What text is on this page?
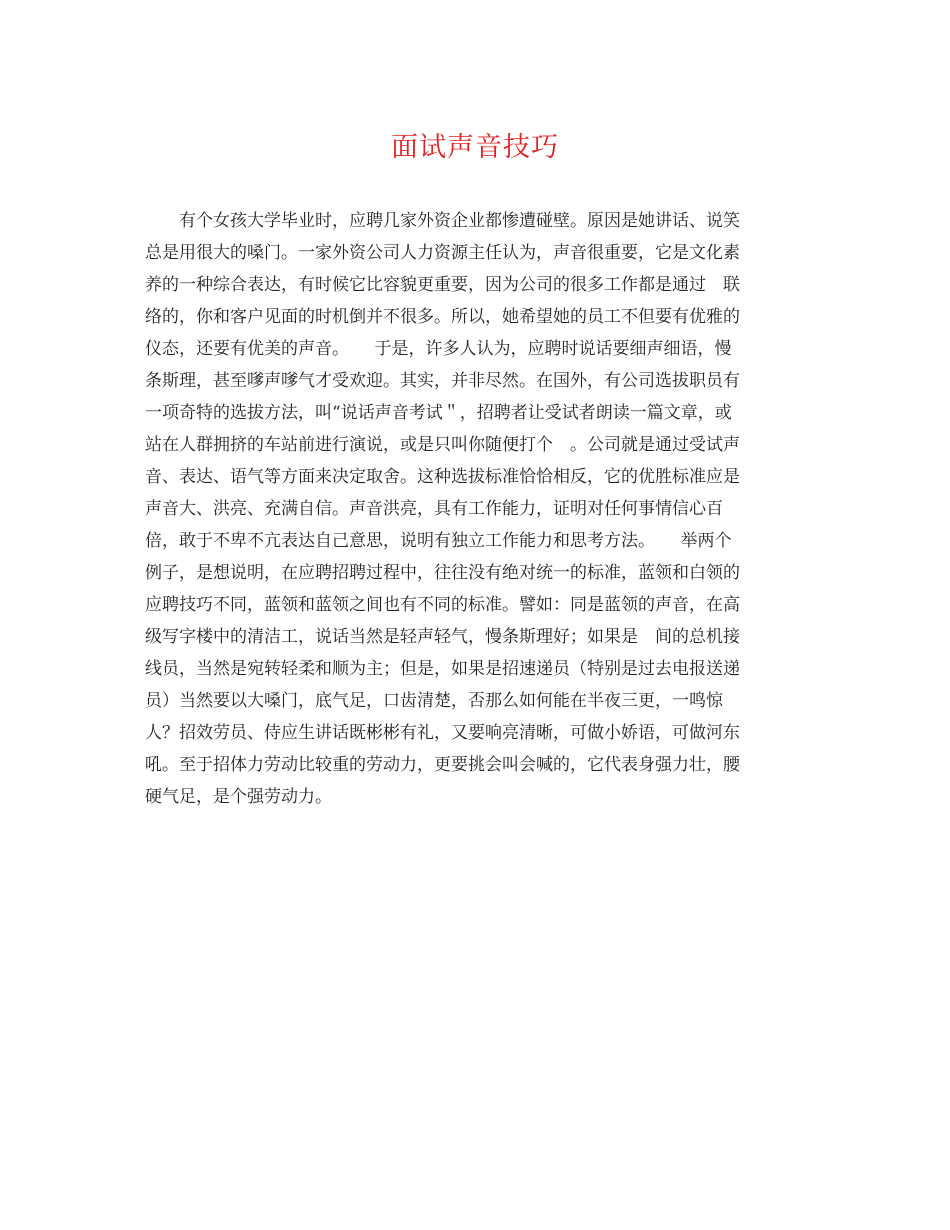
面试声音技巧
　　有个女孩大学毕业时，应聘几家外资企业都惨遭碰壁。原因是她讲话、说笑
总是用很大的嗓门。一家外资公司人力资源主任认为，声音很重要，它是文化素
养的一种综合表达，有时候它比容貌更重要，因为公司的很多工作都是通过　联
络的，你和客户见面的时机倒并不很多。所以，她希望她的员工不但要有优雅的
仪态，还要有优美的声音。　　于是，许多人认为，应聘时说话要细声细语，慢
条斯理，甚至嗲声嗲气才受欢迎。其实，并非尽然。在国外，有公司选拔职员有
一项奇特的选拔方法，叫“说话声音考试＂，招聘者让受试者朗读一篇文章，或
站在人群拥挤的车站前进行演说，或是只叫你随便打个　。公司就是通过受试声
音、表达、语气等方面来决定取舍。这种选拔标准恰恰相反，它的优胜标准应是
声音大、洪亮、充满自信。声音洪亮，具有工作能力，证明对任何事情信心百
倍，敢于不卑不亢表达自己意思，说明有独立工作能力和思考方法。　　举两个
例子，是想说明，在应聘招聘过程中，往往没有绝对统一的标准，蓝领和白领的
应聘技巧不同，蓝领和蓝领之间也有不同的标准。譬如：同是蓝领的声音，在高
级写字楼中的清洁工，说话当然是轻声轻气，慢条斯理好；如果是　间的总机接
线员，当然是宛转轻柔和顺为主；但是，如果是招速递员（特别是过去电报送递
员）当然要以大嗓门，底气足，口齿清楚，否那么如何能在半夜三更，一鸣惊
人？招效劳员、侍应生讲话既彬彬有礼，又要响亮清晰，可做小娇语，可做河东
吼。至于招体力劳动比较重的劳动力，更要挑会叫会喊的，它代表身强力壮，腰
硬气足，是个强劳动力。
